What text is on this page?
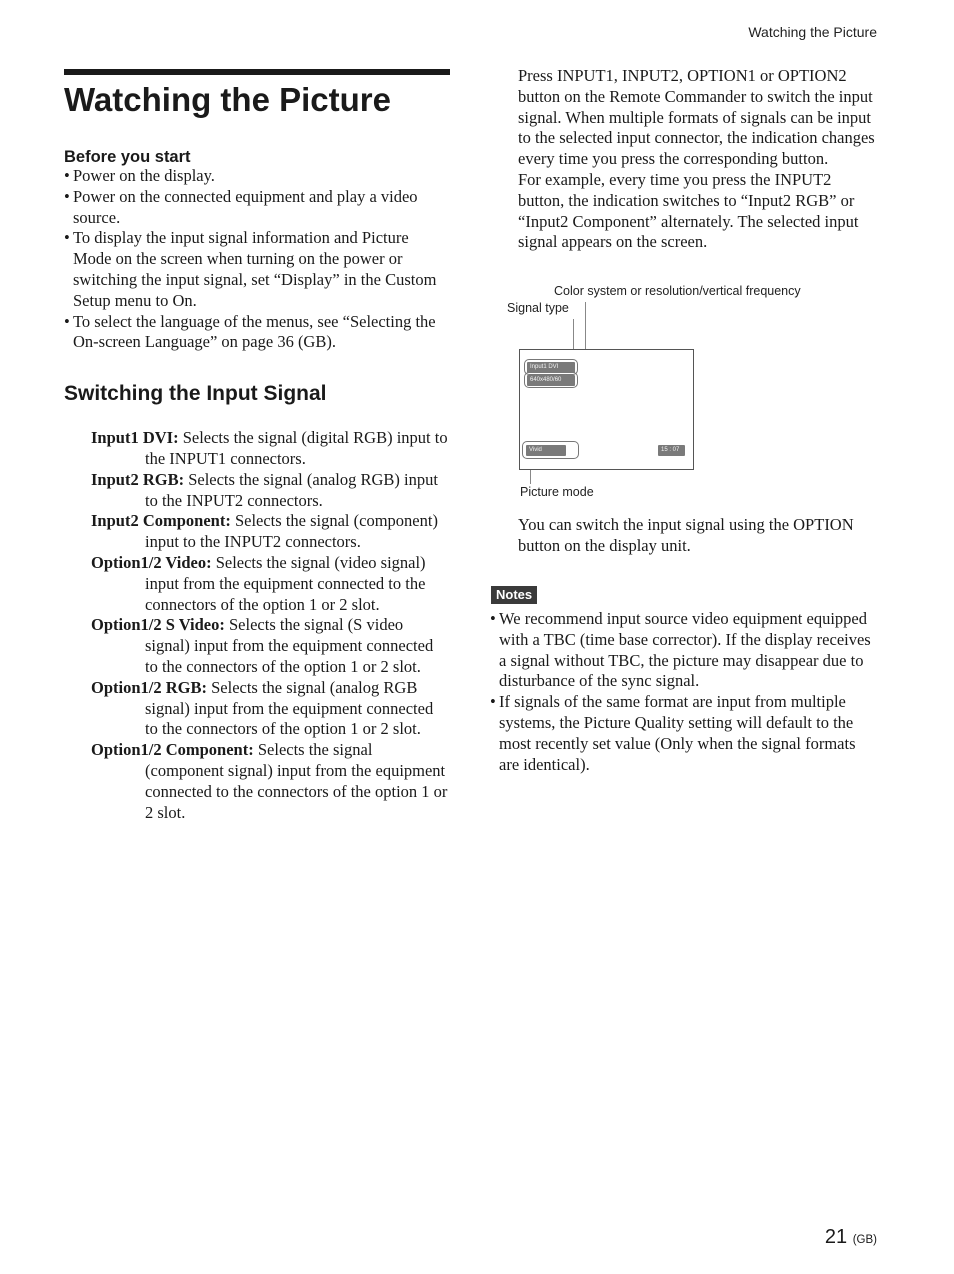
Watching the Picture
Watching the Picture
Before you start
• Power on the display.
• Power on the connected equipment and play a video source.
• To display the input signal information and Picture Mode on the screen when turning on the power or switching the input signal, set “Display” in the Custom Setup menu to On.
• To select the language of the menus, see “Selecting the On-screen Language” on page 36 (GB).
Switching the Input Signal
Input1 DVI: Selects the signal (digital RGB) input to the INPUT1 connectors.
Input2 RGB: Selects the signal (analog RGB) input to the INPUT2 connectors.
Input2 Component: Selects the signal (component) input to the INPUT2 connectors.
Option1/2 Video: Selects the signal (video signal) input from the equipment connected to the connectors of the option 1 or 2 slot.
Option1/2 S Video: Selects the signal (S video signal) input from the equipment connected to the connectors of the option 1 or 2 slot.
Option1/2 RGB: Selects the signal (analog RGB signal) input from the equipment connected to the connectors of the option 1 or 2 slot.
Option1/2 Component: Selects the signal (component signal) input from the equipment connected to the connectors of the option 1 or 2 slot.

Press INPUT1, INPUT2, OPTION1 or OPTION2 button on the Remote Commander to switch the input signal. When multiple formats of signals can be input to the selected input connector, the indication changes every time you press the corresponding button.

For example, every time you press the INPUT2 button, the indication switches to “Input2 RGB” or “Input2 Component” alternately. The selected input signal appears on the screen.

Color system or resolution/vertical frequency
Signal type
Input1 DVI
640x480/60
Vivid	15 : 07
Picture mode
You can switch the input signal using the OPTION button on the display unit.
Notes
• We recommend input source video equipment equipped with a TBC (time base corrector). If the display receives a signal without TBC, the picture may disappear due to disturbance of the sync signal.
• If signals of the same format are input from multiple systems, the Picture Quality setting will default to the most recently set value (Only when the signal formats are identical).
21 (GB)
